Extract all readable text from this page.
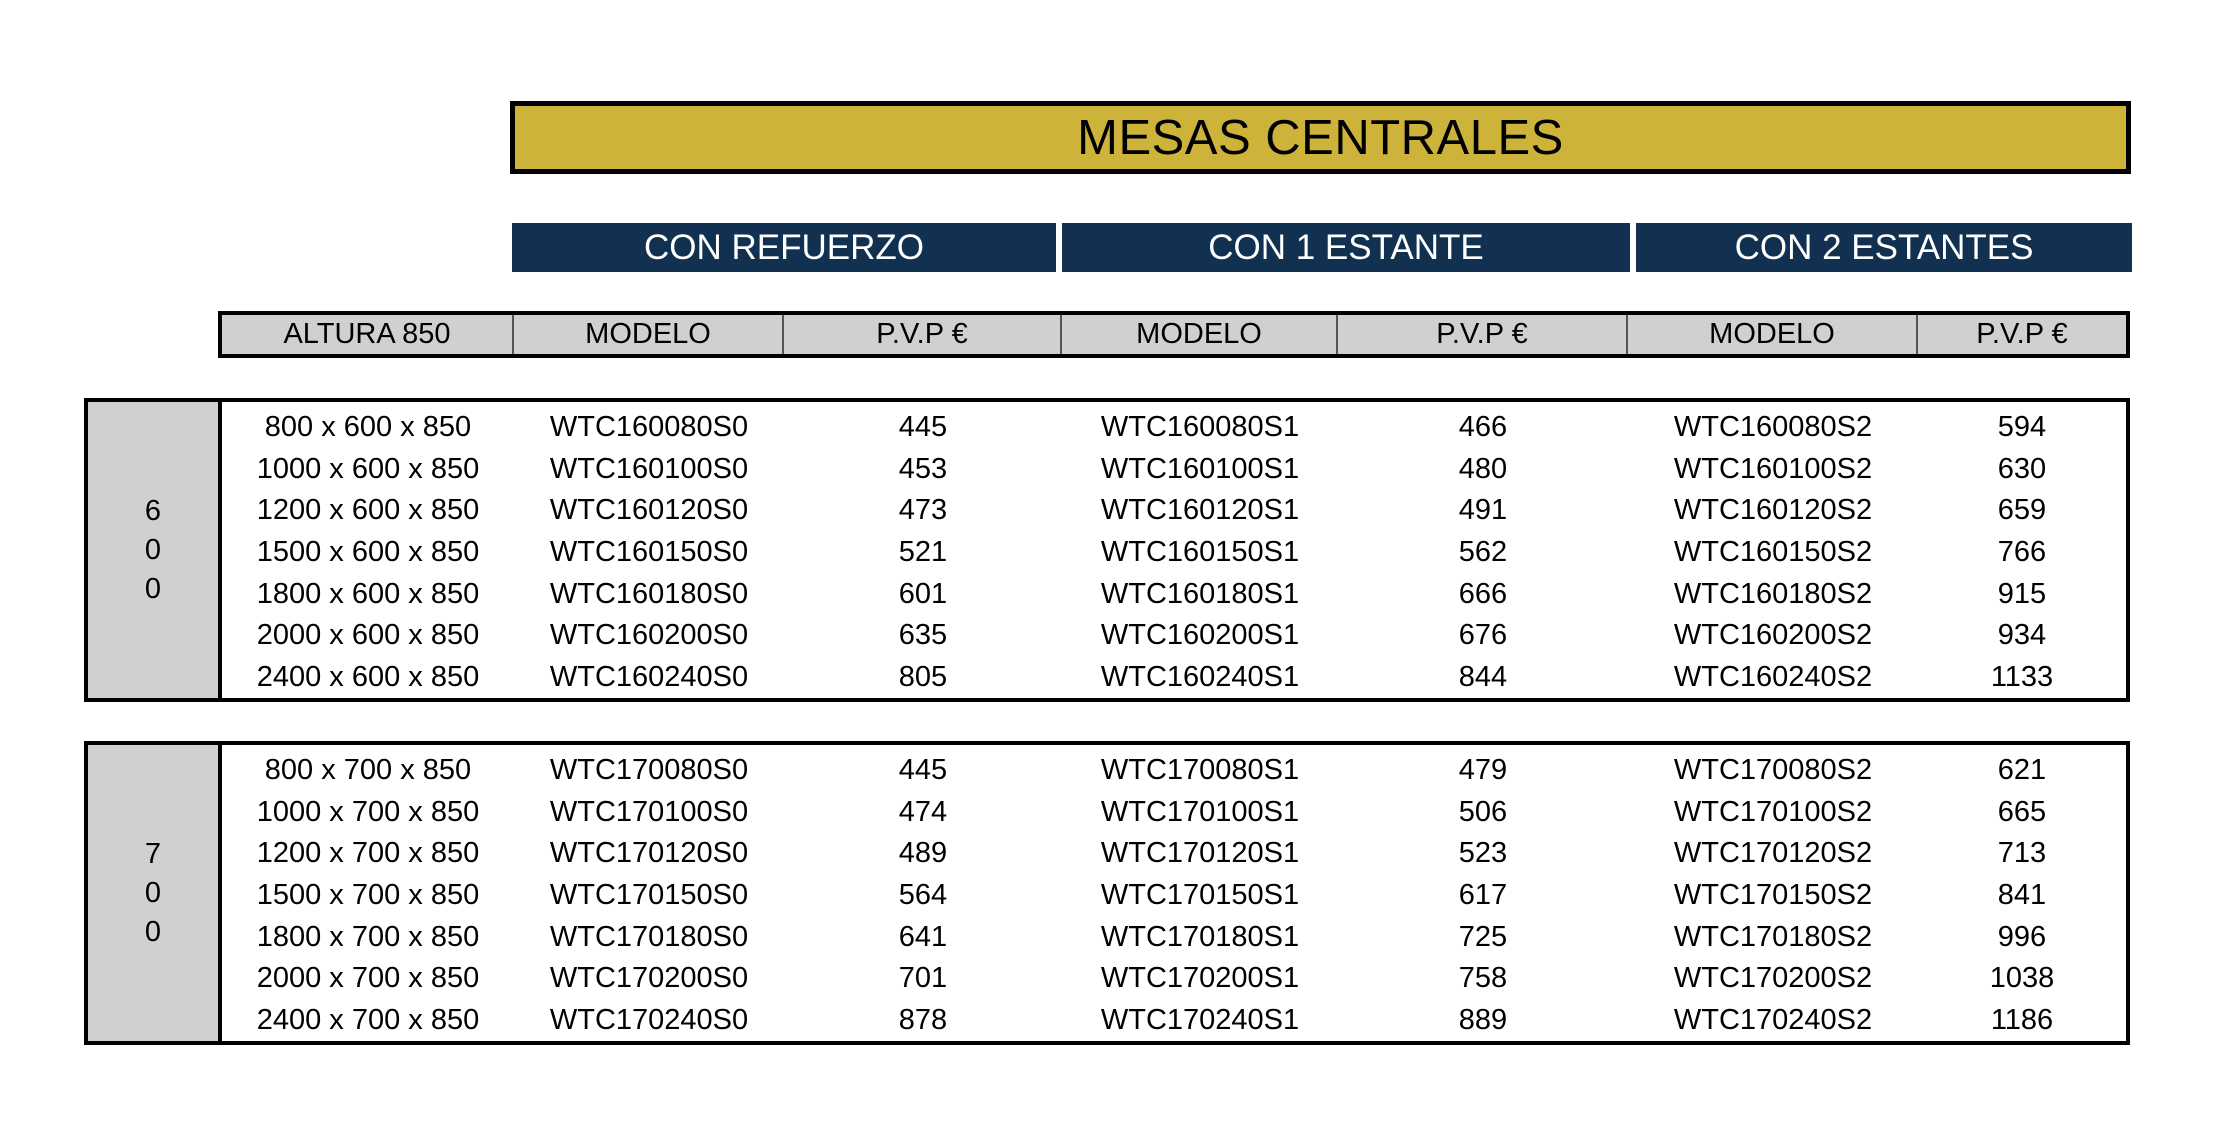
MESAS CENTRALES
CON REFUERZO	CON 1 ESTANTE	CON 2 ESTANTES
ALTURA 850	MODELO	P.V.P €	MODELO	P.V.P €	MODELO	P.V.P €
6
0
0
800 x 600 x 850	WTC160080S0	445	WTC160080S1	466	WTC160080S2	594
1000 x 600 x 850	WTC160100S0	453	WTC160100S1	480	WTC160100S2	630
1200 x 600 x 850	WTC160120S0	473	WTC160120S1	491	WTC160120S2	659
1500 x 600 x 850	WTC160150S0	521	WTC160150S1	562	WTC160150S2	766
1800 x 600 x 850	WTC160180S0	601	WTC160180S1	666	WTC160180S2	915
2000 x 600 x 850	WTC160200S0	635	WTC160200S1	676	WTC160200S2	934
2400 x 600 x 850	WTC160240S0	805	WTC160240S1	844	WTC160240S2	1133
7
0
0
800 x 700 x 850	WTC170080S0	445	WTC170080S1	479	WTC170080S2	621
1000 x 700 x 850	WTC170100S0	474	WTC170100S1	506	WTC170100S2	665
1200 x 700 x 850	WTC170120S0	489	WTC170120S1	523	WTC170120S2	713
1500 x 700 x 850	WTC170150S0	564	WTC170150S1	617	WTC170150S2	841
1800 x 700 x 850	WTC170180S0	641	WTC170180S1	725	WTC170180S2	996
2000 x 700 x 850	WTC170200S0	701	WTC170200S1	758	WTC170200S2	1038
2400 x 700 x 850	WTC170240S0	878	WTC170240S1	889	WTC170240S2	1186
